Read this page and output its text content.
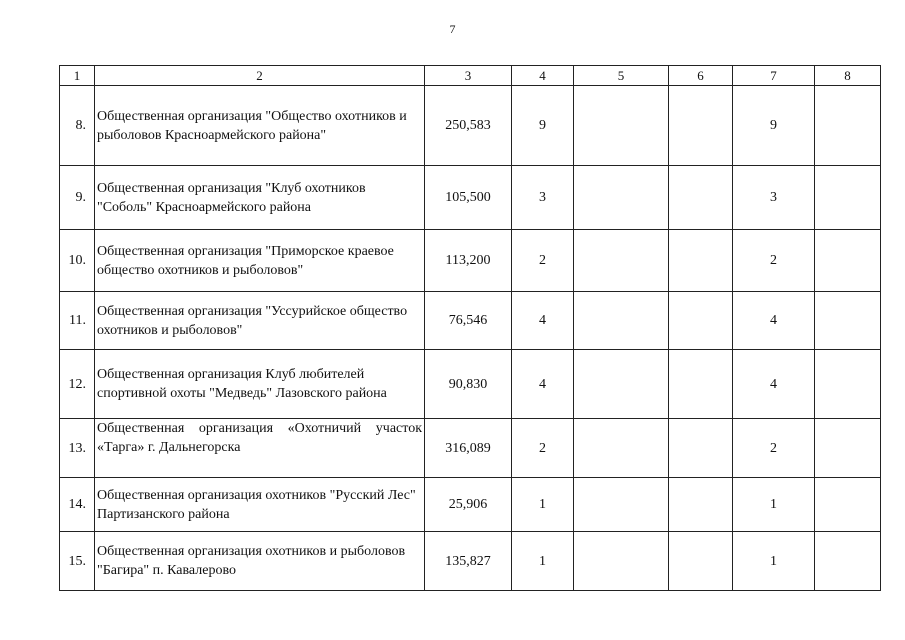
7
1	2	3	4	5	6	7	8
8.	Общественная организация "Общество охотников и рыболовов Красноармейского района"	250,583	9			9	
9.	Общественная организация "Клуб охотников "Соболь" Красноармейского района	105,500	3			3	
10.	Общественная организация "Приморское краевое общество охотников и рыболовов"	113,200	2			2	
11.	Общественная организация "Уссурийское общество охотников и рыболовов"	76,546	4			4	
12.	Общественная организация Клуб любителей спортивной охоты "Медведь" Лазовского района	90,830	4			4	
13.	Общественная организация «Охотничий участок «Тарга» г. Дальнегорска	316,089	2			2	
14.	Общественная организация охотников "Русский Лес" Партизанского района	25,906	1			1	
15.	Общественная организация охотников и рыболовов "Багира" п. Кавалерово	135,827	1			1	
